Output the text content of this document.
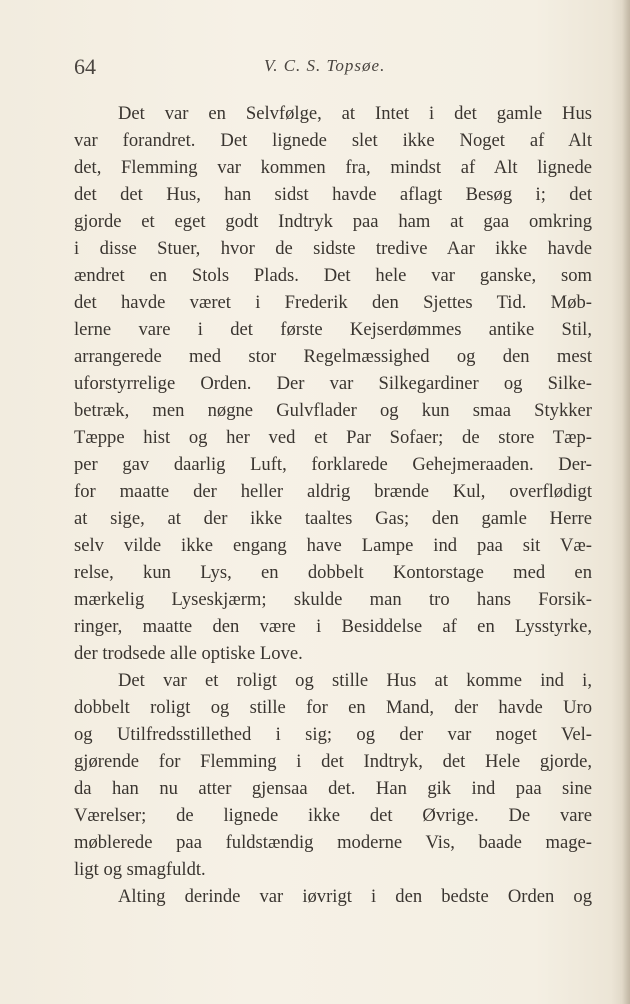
64	V. C. S. Topsøe.
Det var en Selvfølge, at Intet i det gamle Hus
var forandret. Det lignede slet ikke Noget af Alt
det, Flemming var kommen fra, mindst af Alt lignede
det det Hus, han sidst havde aflagt Besøg i; det
gjorde et eget godt Indtryk paa ham at gaa omkring
i disse Stuer, hvor de sidste tredive Aar ikke havde
ændret en Stols Plads. Det hele var ganske, som
det havde været i Frederik den Sjettes Tid. Møb-
lerne vare i det første Kejserdømmes antike Stil,
arrangerede med stor Regelmæssighed og den mest
uforstyrrelige Orden. Der var Silkegardiner og Silke-
betræk, men nøgne Gulvflader og kun smaa Stykker
Tæppe hist og her ved et Par Sofaer; de store Tæp-
per gav daarlig Luft, forklarede Gehejmeraaden. Der-
for maatte der heller aldrig brænde Kul, overflødigt
at sige, at der ikke taaltes Gas; den gamle Herre
selv vilde ikke engang have Lampe ind paa sit Væ-
relse, kun Lys, en dobbelt Kontorstage med en
mærkelig Lyseskjærm; skulde man tro hans Forsik-
ringer, maatte den være i Besiddelse af en Lysstyrke,
der trodsede alle optiske Love.
Det var et roligt og stille Hus at komme ind i,
dobbelt roligt og stille for en Mand, der havde Uro
og Utilfredsstillethed i sig; og der var noget Vel-
gjørende for Flemming i det Indtryk, det Hele gjorde,
da han nu atter gjensaa det. Han gik ind paa sine
Værelser; de lignede ikke det Øvrige. De vare
møblerede paa fuldstændig moderne Vis, baade mage-
ligt og smagfuldt.
Alting derinde var iøvrigt i den bedste Orden og
